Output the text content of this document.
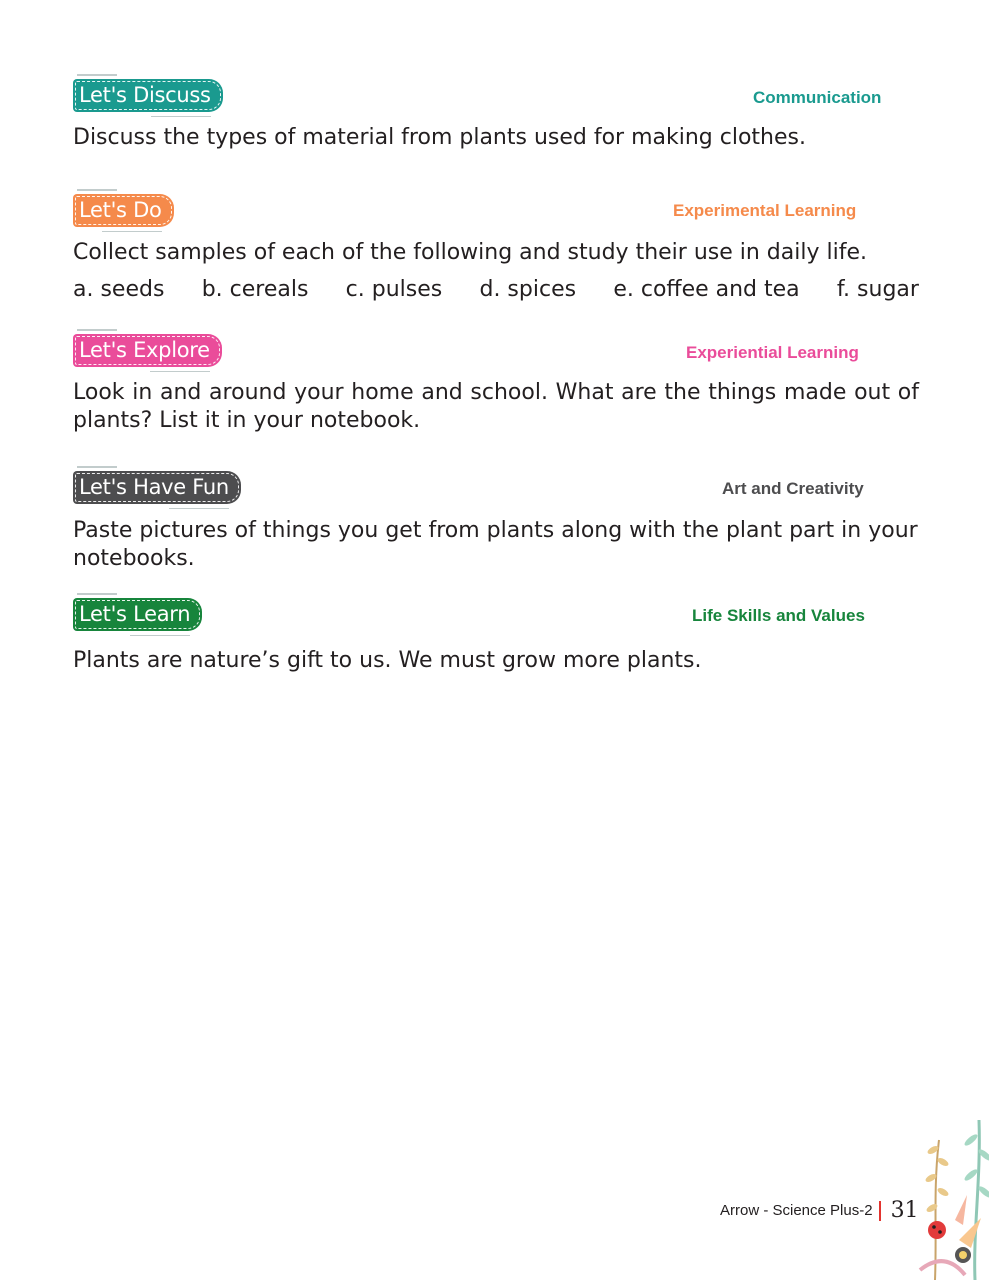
Let's Discuss	Communication

Discuss the types of material from plants used for making clothes.

Let's Do	Experimental Learning

Collect samples of each of the following and study their use in daily life.

a. seeds b. cereals c. pulses d. spices e. coffee and tea f. sugar
Let's Explore	Experiential Learning

Look in and around your home and school. What are the things made out of plants? List it in your notebook.

Let's Have Fun	Art and Creativity

Paste pictures of things you get from plants along with the plant part in your notebooks.

Let's Learn	Life Skills and Values

Plants are nature’s gift to us. We must grow more plants.

Arrow - Science Plus-2 31
